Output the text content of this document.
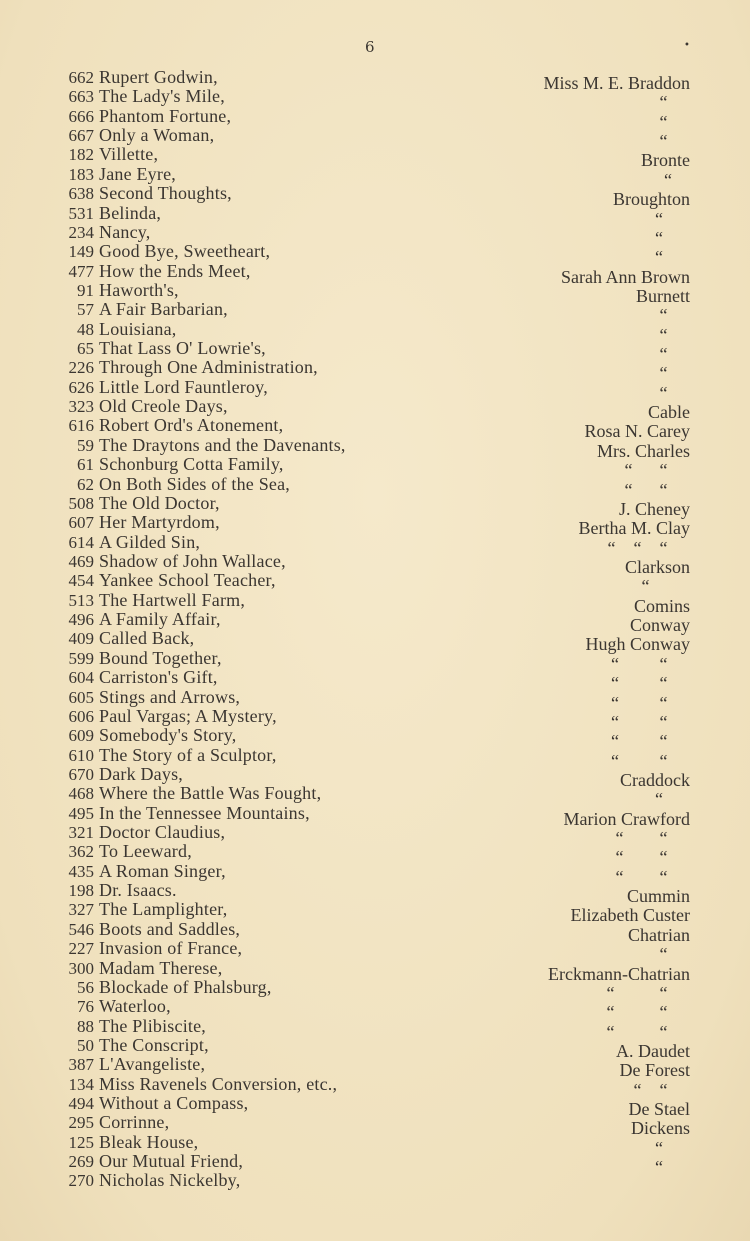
6	•
662 Rupert Godwin,	Miss M. E. Braddon
663 The Lady's Mile,	“
666 Phantom Fortune,	“
667 Only a Woman,	“
182 Villette,	Bronte
183 Jane Eyre,	“
638 Second Thoughts,	Broughton
531 Belinda,	“
234 Nancy,	“
149 Good Bye, Sweetheart,	“
477 How the Ends Meet,	Sarah Ann Brown
91 Haworth's,	Burnett
57 A Fair Barbarian,	“
48 Louisiana,	“
65 That Lass O' Lowrie's,	“
226 Through One Administration,	“
626 Little Lord Fauntleroy,	“
323 Old Creole Days,	Cable
616 Robert Ord's Atonement,	Rosa N. Carey
59 The Draytons and the Davenants,	Mrs. Charles
61 Schonburg Cotta Family,	“      “
62 On Both Sides of the Sea,	“      “
508 The Old Doctor,	J. Cheney
607 Her Martyrdom,	Bertha M. Clay
614 A Gilded Sin,	“    “    “
469 Shadow of John Wallace,	Clarkson
454 Yankee School Teacher,	“
513 The Hartwell Farm,	Comins
496 A Family Affair,	Conway
409 Called Back,	Hugh Conway
599 Bound Together,	“         “
604 Carriston's Gift,	“         “
605 Stings and Arrows,	“         “
606 Paul Vargas; A Mystery,	“         “
609 Somebody's Story,	“         “
610 The Story of a Sculptor,	“         “
670 Dark Days,	Craddock
468 Where the Battle Was Fought,	“
495 In the Tennessee Mountains,	Marion Crawford
321 Doctor Claudius,	“        “
362 To Leeward,	“        “
435 A Roman Singer,	“        “
198 Dr. Isaacs.	Cummin
327 The Lamplighter,	Elizabeth Custer
546 Boots and Saddles,	Chatrian
227 Invasion of France,	“
300 Madam Therese,	Erckmann-Chatrian
56 Blockade of Phalsburg,	“          “
76 Waterloo,	“          “
88 The Plibiscite,	“          “
50 The Conscript,	A. Daudet
387 L'Avangeliste,	De Forest
134 Miss Ravenels Conversion, etc.,	“    “
494 Without a Compass,	De Stael
295 Corrinne,	Dickens
125 Bleak House,	“
269 Our Mutual Friend,	“
270 Nicholas Nickelby,
